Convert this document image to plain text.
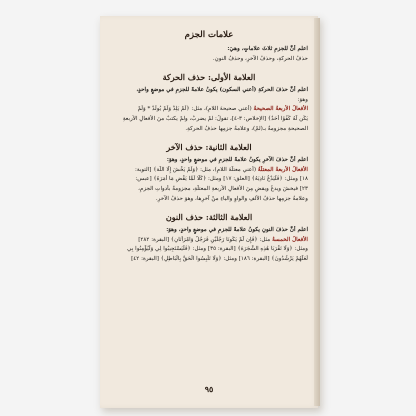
علامات الجزم

اعلم أنَّ للجزمِ ثلاثَ علاماتٍ، وهيَ:

حذفُ الحركةِ، وحذفُ الآخرِ، وحذفُ النونِ.

العلامة الأولى: حذف الحركة

اعلم أنَّ حذفَ الحركةِ (أعني السكون) يكونُ علامةً للجزمِ في موضعٍ واحدٍ،

وهوَ:

الأفعالُ الأربعةُ الصحيحةُ (أعني صحيحةَ اللامِ)، مثل: ﴿لَمْ يَلِدْ وَلَمْ يُولَدْ * وَلَمْ

يَكُن لَّهُ كُفُوًا أَحَدٌ﴾ [الإخلاص: ٣-٤]، تقولُ: لمْ يضربْ، ولمْ يكتبْ منَ الأفعالِ الأربعةِ

الصحيحةِ مجزومةٌ بـ(لمْ)، وعلامةُ جزمِها حذفُ الحركةِ.

العلامة الثانية: حذف الآخر

اعلم أنَّ حذفَ الآخرِ يكونُ علامةً للجزمِ في موضعٍ واحدٍ، وهوَ:

الأفعالُ الأربعةُ المعتلَّةُ (أعني معتلَّةَ اللامِ)، مثل: ﴿وَلَمْ يَخْشَ إِلَّا اللَّهَ﴾ [التوبة:

١٨] ومثل: ﴿فَلْيَدْعُ نَادِيَهُ﴾ [العلق: ١٧] ومثل: ﴿كَلَّا لَمَّا يَقْضِ مَا أَمَرَهُ﴾ [عبس:

٢٣] فيخشَ ويدعُ ويقضِ مِنَ الأفعالِ الأربعةِ المعتلَّةِ، مجزومةٌ بأدواتِ الجزمِ،

وعلامةُ جزمِها حذفُ الألفِ والواوِ والياءِ منْ آخرِها، وهوَ حذفُ الآخرِ.

العلامة الثالثة: حذف النون

اعلم أنَّ حذفَ النونِ يكونُ علامةً للجزمِ في موضعٍ واحدٍ، وهوَ:

الأفعالُ الخمسةُ مثل: ﴿فَإِن لَّمْ يَكُونَا رَجُلَيْنِ فَرَجُلٌ وَامْرَأَتَانِ﴾ [البقرة: ٢٨٢]

ومثل: ﴿وَلَا تَقْرَبَا هَٰذِهِ الشَّجَرَةَ﴾ [البقرة: ٣٥] ومثل: ﴿فَلْيَسْتَجِيبُوا لِي وَلْيُؤْمِنُوا بِي

لَعَلَّهُمْ يَرْشُدُونَ﴾ [البقرة: ١٨٦] ومثل: ﴿وَلَا تَلْبِسُوا الْحَقَّ بِالْبَاطِلِ﴾ [البقرة: ٤٢]

٩٥
